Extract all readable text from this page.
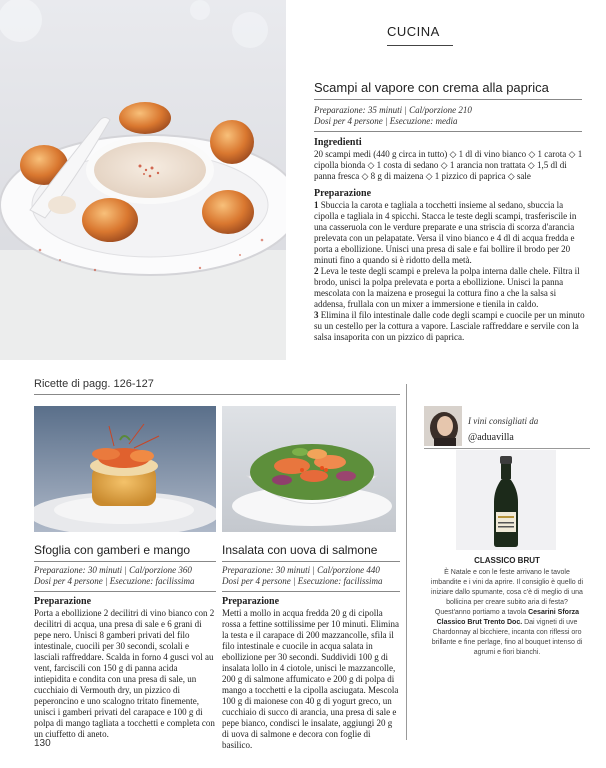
CUCINA
Scampi al vapore con crema alla paprica
Preparazione: 35 minuti | Cal/porzione 210
Dosi per 4 persone | Esecuzione: media
Ingredienti
20 scampi medi (440 g circa in tutto) ◇ 1 dl di vino bianco ◇ 1 carota ◇ 1 cipolla bionda ◇ 1 costa di sedano ◇ 1 arancia non trattata ◇ 1,5 dl di panna fresca ◇ 8 g di maizena ◇ 1 pizzico di paprica ◇ sale
Preparazione
1 Sbuccia la carota e tagliala a tocchetti insieme al sedano, sbuccia la cipolla e tagliala in 4 spicchi. Stacca le teste degli scampi, trasferiscile in una casseruola con le verdure preparate e una striscia di scorza d'arancia prelevata con un pelapatate. Versa il vino bianco e 4 dl di acqua fredda e porta a ebollizione. Unisci una presa di sale e fai bollire il brodo per 20 minuti fino a quando si è ridotto della metà.
2 Leva le teste degli scampi e preleva la polpa interna dalle chele. Filtra il brodo, unisci la polpa prelevata e porta a ebollizione. Unisci la panna mescolata con la maizena e prosegui la cottura fino a che la salsa si addensa, frullala con un mixer a immersione e tienila in caldo.
3 Elimina il filo intestinale dalle code degli scampi e cuocile per un minuto su un cestello per la cottura a vapore. Lasciale raffreddare e servile con la salsa insaporita con un pizzico di paprica.
Ricette di pagg. 126-127
Sfoglia con gamberi e mango
Preparazione: 30 minuti | Cal/porzione 360
Dosi per 4 persone | Esecuzione: facilissima
Preparazione
Porta a ebollizione 2 decilitri di vino bianco con 2 decilitri di acqua, una presa di sale e 6 grani di pepe nero. Unisci 8 gamberi privati del filo intestinale, cuocili per 30 secondi, scolali e lasciali raffreddare. Scalda in forno 4 gusci vol au vent, farciscili con 150 g di panna acida intiepidita e condita con una presa di sale, un cucchiaio di Vermouth dry, un pizzico di peperoncino e uno scalogno tritato finemente, unisci i gamberi privati del carapace e 100 g di polpa di mango tagliata a tocchetti e completa con un ciuffetto di aneto.
Insalata con uova di salmone
Preparazione: 30 minuti | Cal/porzione 440
Dosi per 4 persone | Esecuzione: facilissima
Preparazione
Metti a mollo in acqua fredda 20 g di cipolla rossa a fettine sottilissime per 10 minuti. Elimina la testa e il carapace di 200 mazzancolle, sfila il filo intestinale e cuocile in acqua salata in ebollizione per 30 secondi. Suddividi 100 g di insalata lollo in 4 ciotole, unisci le mazzancolle, 200 g di salmone affumicato e 200 g di polpa di mango a tocchetti e la cipolla asciugata. Mescola 100 g di maionese con 40 g di yogurt greco, un cucchiaio di succo di arancia, una presa di sale e pepe bianco, condisci le insalate, aggiungi 20 g di uova di salmone e decora con foglie di basilico.
I vini consigliati da
@aduavilla
CLASSICO BRUT
È Natale e con le feste arrivano le tavole imbandite e i vini da aprire. Il consiglio è quello di iniziare dallo spumante, cosa c'è di meglio di una bollicina per creare subito aria di festa? Quest'anno portiamo a tavola Cesarini Sforza Classico Brut Trento Doc. Dai vigneti di uve Chardonnay al bicchiere, incanta con riflessi oro brillante e fine perlage, fino al bouquet intenso di agrumi e fiori bianchi.
130
